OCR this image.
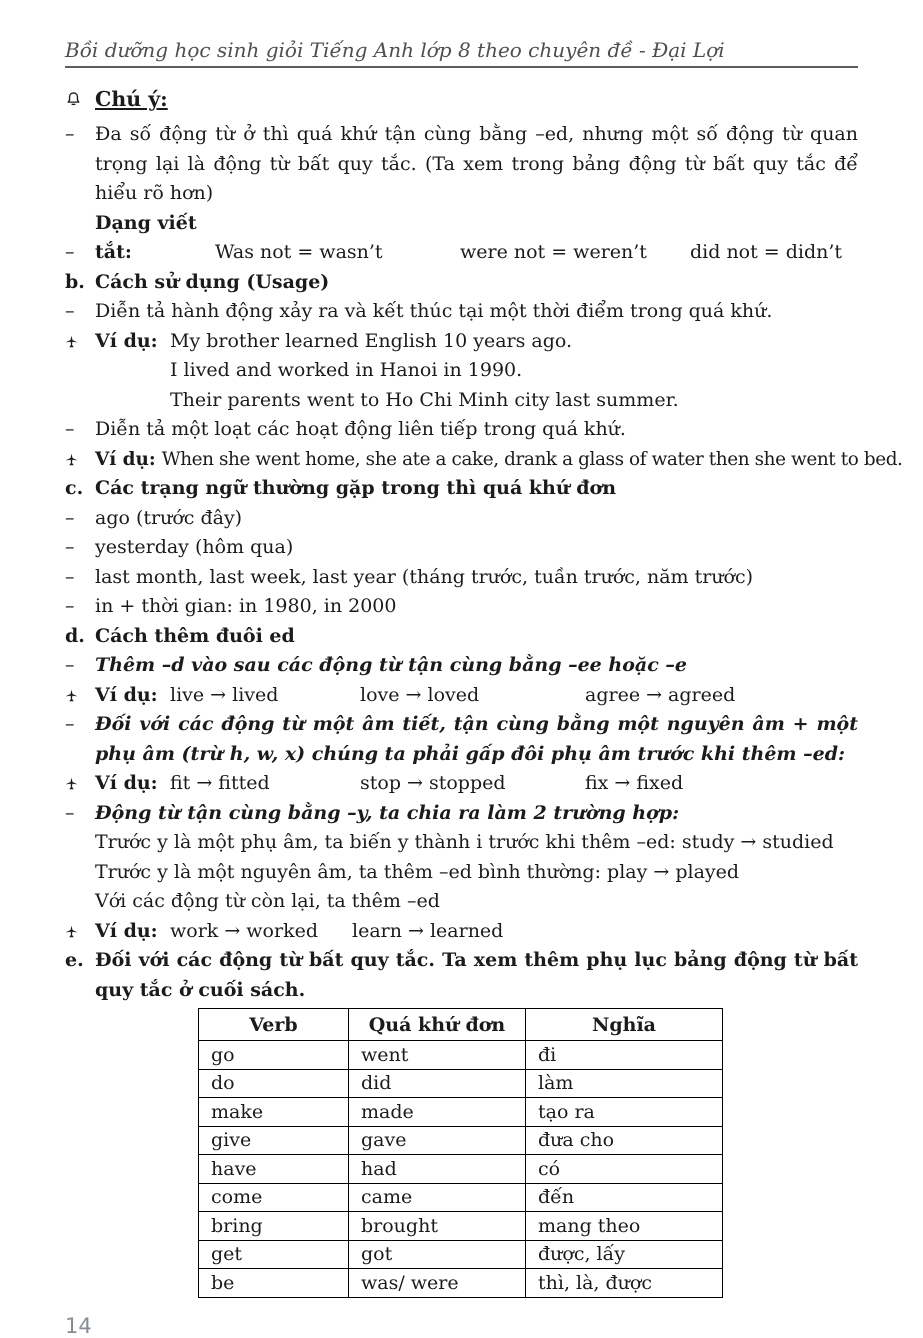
Bồi dưỡng học sinh giỏi Tiếng Anh lớp 8 theo chuyên đề - Đại Lợi
Chú ý:
–	Đa số động từ ở thì quá khứ tận cùng bằng –ed, nhưng một số động từ quan trọng lại là động từ bất quy tắc. (Ta xem trong bảng động từ bất quy tắc để hiểu rõ hơn)
–
Dạng viết tắt:	Was not = wasn’t	were not = weren’t did not = didn’t
b. Cách sử dụng (Usage)
–	Diễn tả hành động xảy ra và kết thúc tại một thời điểm trong quá khứ.
Ví dụ: My brother learned English 10 years ago.
I lived and worked in Hanoi in 1990.
Their parents went to Ho Chi Minh city last summer.
–	Diễn tả một loạt các hoạt động liên tiếp trong quá khứ.
Ví dụ: When she went home, she ate a cake, drank a glass of water then she went to bed.
c. Các trạng ngữ thường gặp trong thì quá khứ đơn
–	ago (trước đây)
–	yesterday (hôm qua)
–	last month, last week, last year (tháng trước, tuần trước, năm trước)
–	in + thời gian: in 1980, in 2000
d. Cách thêm đuôi ed
–	Thêm –d vào sau các động từ tận cùng bằng –ee hoặc –e
Ví dụ: live → lived	love → loved	agree → agreed
–	Đối với các động từ một âm tiết, tận cùng bằng một nguyên âm + một phụ âm (trừ h, w, x) chúng ta phải gấp đôi phụ âm trước khi thêm –ed:
Ví dụ: fit → fitted	stop → stopped	fix → fixed
–	Động từ tận cùng bằng –y, ta chia ra làm 2 trường hợp:
Trước y là một phụ âm, ta biến y thành i trước khi thêm –ed: study → studied
Trước y là một nguyên âm, ta thêm –ed bình thường: play → played
Với các động từ còn lại, ta thêm –ed
Ví dụ: work → worked learn → learned
e. Đối với các động từ bất quy tắc. Ta xem thêm phụ lục bảng động từ bất quy tắc ở cuối sách.
Verb	Quá khứ đơn	Nghĩa
go	went	đi
do	did	làm
make	made	tạo ra
give	gave	đưa cho
have	had	có
come	came	đến
bring	brought	mang theo
get	got	được, lấy
be	was/ were	thì, là, được
14
